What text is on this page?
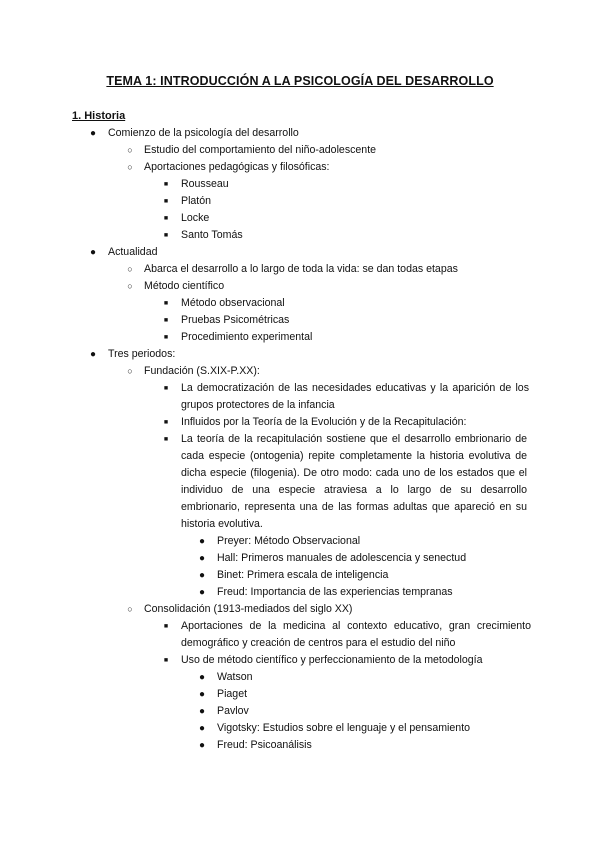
TEMA 1: INTRODUCCIÓN A LA PSICOLOGÍA DEL DESARROLLO
1. Historia
● Comienzo de la psicología del desarrollo
○ Estudio del comportamiento del niño-adolescente
○ Aportaciones pedagógicas y filosóficas:
■ Rousseau
■ Platón
■ Locke
■ Santo Tomás
● Actualidad
○ Abarca el desarrollo a lo largo de toda la vida: se dan todas etapas
○ Método científico
■ Método observacional
■ Pruebas Psicométricas
■ Procedimiento experimental
● Tres periodos:
○ Fundación (S.XIX-P.XX):
■ La democratización de las necesidades educativas y la aparición de los grupos protectores de la infancia
■ Influidos por la Teoría de la Evolución y de la Recapitulación:
■ La teoría de la recapitulación sostiene que el desarrollo embrionario de cada especie (ontogenia) repite completamente la historia evolutiva de dicha especie (filogenia). De otro modo: cada uno de los estados que el individuo de una especie atraviesa a lo largo de su desarrollo embrionario, representa una de las formas adultas que apareció en su historia evolutiva.
● Preyer: Método Observacional
● Hall: Primeros manuales de adolescencia y senectud
● Binet: Primera escala de inteligencia
● Freud: Importancia de las experiencias tempranas
○ Consolidación (1913-mediados del siglo XX)
■ Aportaciones de la medicina al contexto educativo, gran crecimiento demográfico y creación de centros para el estudio del niño
■ Uso de método científico y perfeccionamiento de la metodología
● Watson
● Piaget
● Pavlov
● Vigotsky: Estudios sobre el lenguaje y el pensamiento
● Freud: Psicoanálisis
